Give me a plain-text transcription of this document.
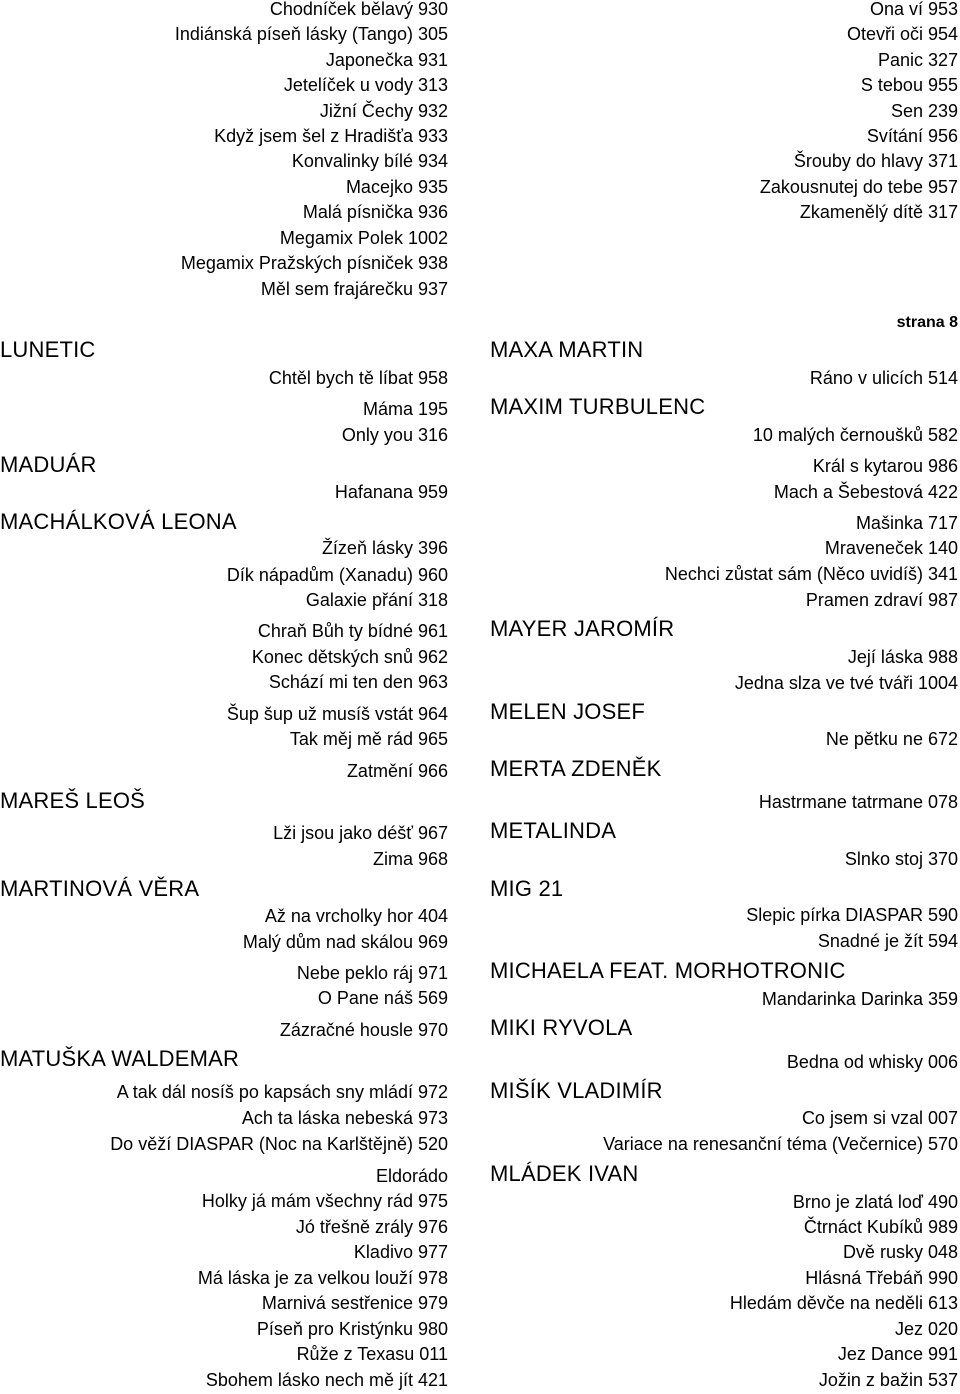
Chodníček bělavý 930
Indiánská píseň lásky (Tango) 305
Japonečka 931
Jetelíček u vody 313
Jižní Čechy 932
Když jsem šel z Hradišťa 933
Konvalinky bílé 934
Macejko 935
Malá písnička 936
Megamix Polek 1002
Megamix Pražských písniček 938
Měl sem frajárečku 937
LUNETIC
Chtěl bych tě líbat 958
Máma 195
Only you 316
MADUÁR
Hafanana 959
MACHÁLKOVÁ LEONA
Žízeň lásky 396
Dík nápadům (Xanadu) 960
Galaxie přání 318
Chraň Bůh ty bídné 961
Konec dětských snů 962
Schází mi ten den 963
Šup šup už musíš vstát 964
Tak měj mě rád 965
Zatmění 966
MAREŠ LEOŠ
Lži jsou jako déšť 967
Zima 968
MARTINOVÁ VĚRA
Až na vrcholky hor 404
Malý dům nad skálou 969
Nebe peklo ráj 971
O Pane náš 569
Zázračné housle 970
MATUŠKA WALDEMAR
A tak dál nosíš po kapsách sny mládí 972
Ach ta láska nebeská 973
Do věží DIASPAR (Noc na Karlštějně) 520
Eldorádo
Holky já mám všechny rád 975
Jó třešně zrály 976
Kladivo 977
Má láska je za velkou louží 978
Marnivá sestřenice 979
Píseň pro Kristýnku 980
Růže z Texasu 011
Sbohem lásko nech mě jít 421
strana 8
Ona ví 953
Otevři oči 954
Panic 327
S tebou 955
Sen 239
Svítání 956
Šrouby do hlavy 371
Zakousnutej do tebe 957
Zkamenělý dítě 317
MAXA MARTIN
Ráno v ulicích 514
MAXIM TURBULENC
10 malých černoušků 582
Král s kytarou 986
Mach a Šebestová 422
Mašinka 717
Mraveneček 140
Nechci zůstat sám (Něco uvidíš) 341
Pramen zdraví 987
MAYER JAROMÍR
Její láska 988
Jedna slza ve tvé tváři 1004
MELEN JOSEF
Ne pětku ne 672
MERTA ZDENĚK
Hastrmane tatrmane 078
METALINDA
Slnko stoj 370
MIG 21
Slepic pírka DIASPAR 590
Snadné je žít 594
MICHAELA FEAT. MORHOTRONIC
Mandarinka Darinka 359
MIKI RYVOLA
Bedna od whisky 006
MIŠÍK VLADIMÍR
Co jsem si vzal 007
Variace na renesanční téma (Večernice) 570
MLÁDEK IVAN
Brno je zlatá loď 490
Čtrnáct Kubíků 989
Dvě rusky 048
Hlásná Třebáň 990
Hledám děvče na neděli 613
Jez 020
Jez Dance 991
Jožin z bažin 537
